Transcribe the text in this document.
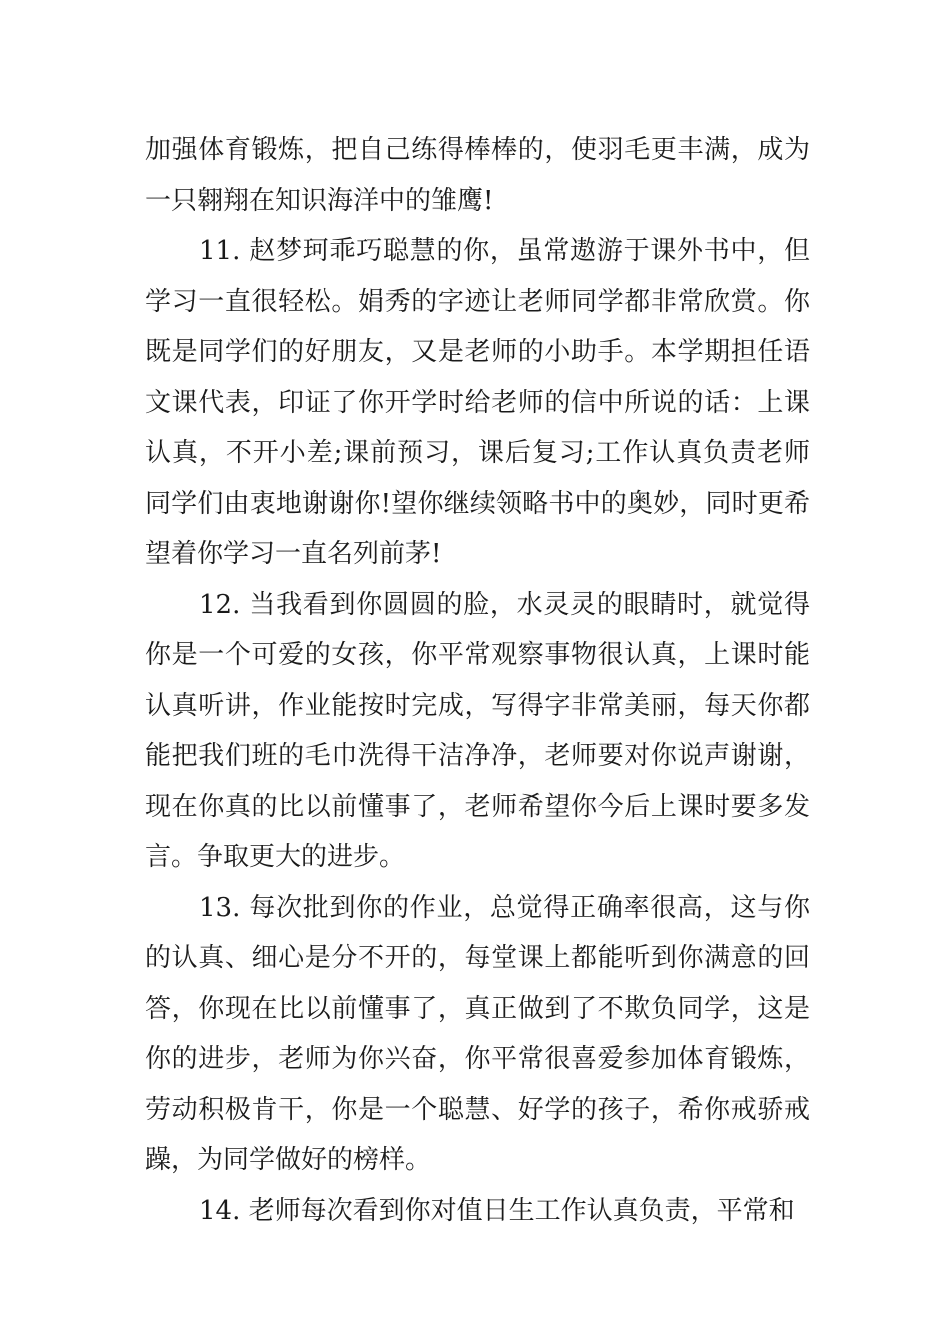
加强体育锻炼，把自己练得棒棒的，使羽毛更丰满，成为一只翱翔在知识海洋中的雏鹰!

11. 赵梦珂乖巧聪慧的你，虽常遨游于课外书中，但学习一直很轻松。娟秀的字迹让老师同学都非常欣赏。你既是同学们的好朋友，又是老师的小助手。本学期担任语文课代表，印证了你开学时给老师的信中所说的话：上课认真，不开小差;课前预习，课后复习;工作认真负责老师同学们由衷地谢谢你!望你继续领略书中的奥妙，同时更希望着你学习一直名列前茅!

12. 当我看到你圆圆的脸，水灵灵的眼睛时，就觉得你是一个可爱的女孩，你平常观察事物很认真，上课时能认真听讲，作业能按时完成，写得字非常美丽，每天你都能把我们班的毛巾洗得干洁净净，老师要对你说声谢谢，现在你真的比以前懂事了，老师希望你今后上课时要多发言。争取更大的进步。

13. 每次批到你的作业，总觉得正确率很高，这与你的认真、细心是分不开的，每堂课上都能听到你满意的回答，你现在比以前懂事了，真正做到了不欺负同学，这是你的进步，老师为你兴奋，你平常很喜爱参加体育锻炼，劳动积极肯干，你是一个聪慧、好学的孩子，希你戒骄戒躁，为同学做好的榜样。

14. 老师每次看到你对值日生工作认真负责，平常和
